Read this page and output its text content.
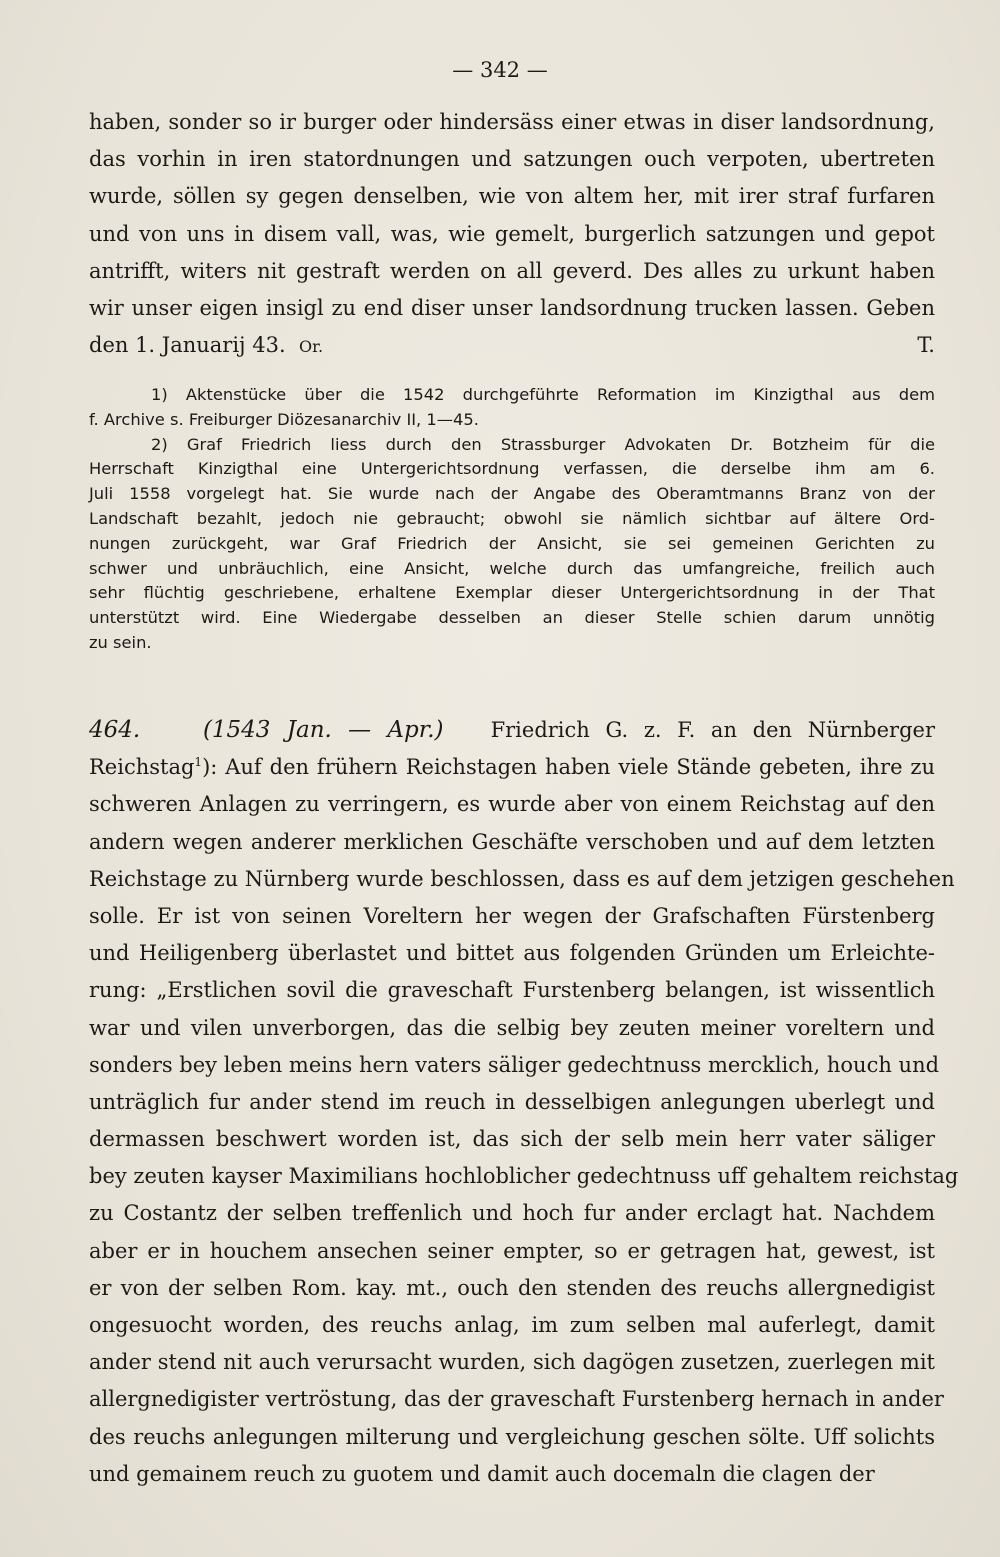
— 342 —
haben, sonder so ir burger oder hindersäss einer etwas in diser landsordnung,
das vorhin in iren statordnungen und satzungen ouch verpoten, ubertreten
wurde, söllen sy gegen denselben, wie von altem her, mit irer straf furfaren
und von uns in disem vall, was, wie gemelt, burgerlich satzungen und gepot
antrifft, witers nit gestraft werden on all geverd. Des alles zu urkunt haben
wir unser eigen insigl zu end diser unser landsordnung trucken lassen. Geben
den 1. Januarij 43. Or.	T.
1) Aktenstücke über die 1542 durchgeführte Reformation im Kinzigthal aus dem
f. Archive s. Freiburger Diözesanarchiv II, 1—45.
2) Graf Friedrich liess durch den Strassburger Advokaten Dr. Botzheim für die
Herrschaft Kinzigthal eine Untergerichtsordnung verfassen, die derselbe ihm am 6.
Juli 1558 vorgelegt hat. Sie wurde nach der Angabe des Oberamtmanns Branz von der
Landschaft bezahlt, jedoch nie gebraucht; obwohl sie nämlich sichtbar auf ältere Ord-
nungen zurückgeht, war Graf Friedrich der Ansicht, sie sei gemeinen Gerichten zu
schwer und unbräuchlich, eine Ansicht, welche durch das umfangreiche, freilich auch
sehr flüchtig geschriebene, erhaltene Exemplar dieser Untergerichtsordnung in der That
unterstützt wird. Eine Wiedergabe desselben an dieser Stelle schien darum unnötig
zu sein.
464.	(1543 Jan. — Apr.) Friedrich G. z. F. an den Nürnberger
Reichstag$^1$): Auf den frühern Reichstagen haben viele Stände gebeten, ihre zu
schweren Anlagen zu verringern, es wurde aber von einem Reichstag auf den
andern wegen anderer merklichen Geschäfte verschoben und auf dem letzten
Reichstage zu Nürnberg wurde beschlossen, dass es auf dem jetzigen geschehen
solle. Er ist von seinen Voreltern her wegen der Grafschaften Fürstenberg
und Heiligenberg überlastet und bittet aus folgenden Gründen um Erleichte-
rung: „Erstlichen sovil die graveschaft Furstenberg belangen, ist wissentlich
war und vilen unverborgen, das die selbig bey zeuten meiner voreltern und
sonders bey leben meins hern vaters säliger gedechtnuss mercklich, houch und
unträglich fur ander stend im reuch in desselbigen anlegungen uberlegt und
dermassen beschwert worden ist, das sich der selb mein herr vater säliger
bey zeuten kayser Maximilians hochloblicher gedechtnuss uff gehaltem reichstag
zu Costantz der selben treffenlich und hoch fur ander erclagt hat. Nachdem
aber er in houchem ansechen seiner empter, so er getragen hat, gewest, ist
er von der selben Rom. kay. mt., ouch den stenden des reuchs allergnedigist
ongesuocht worden, des reuchs anlag, im zum selben mal auferlegt, damit
ander stend nit auch verursacht wurden, sich dagögen zusetzen, zuerlegen mit
allergnedigister vertröstung, das der graveschaft Furstenberg hernach in ander
des reuchs anlegungen milterung und vergleichung geschen sölte. Uff solichts
und gemainem reuch zu guotem und damit auch docemaln die clagen der
